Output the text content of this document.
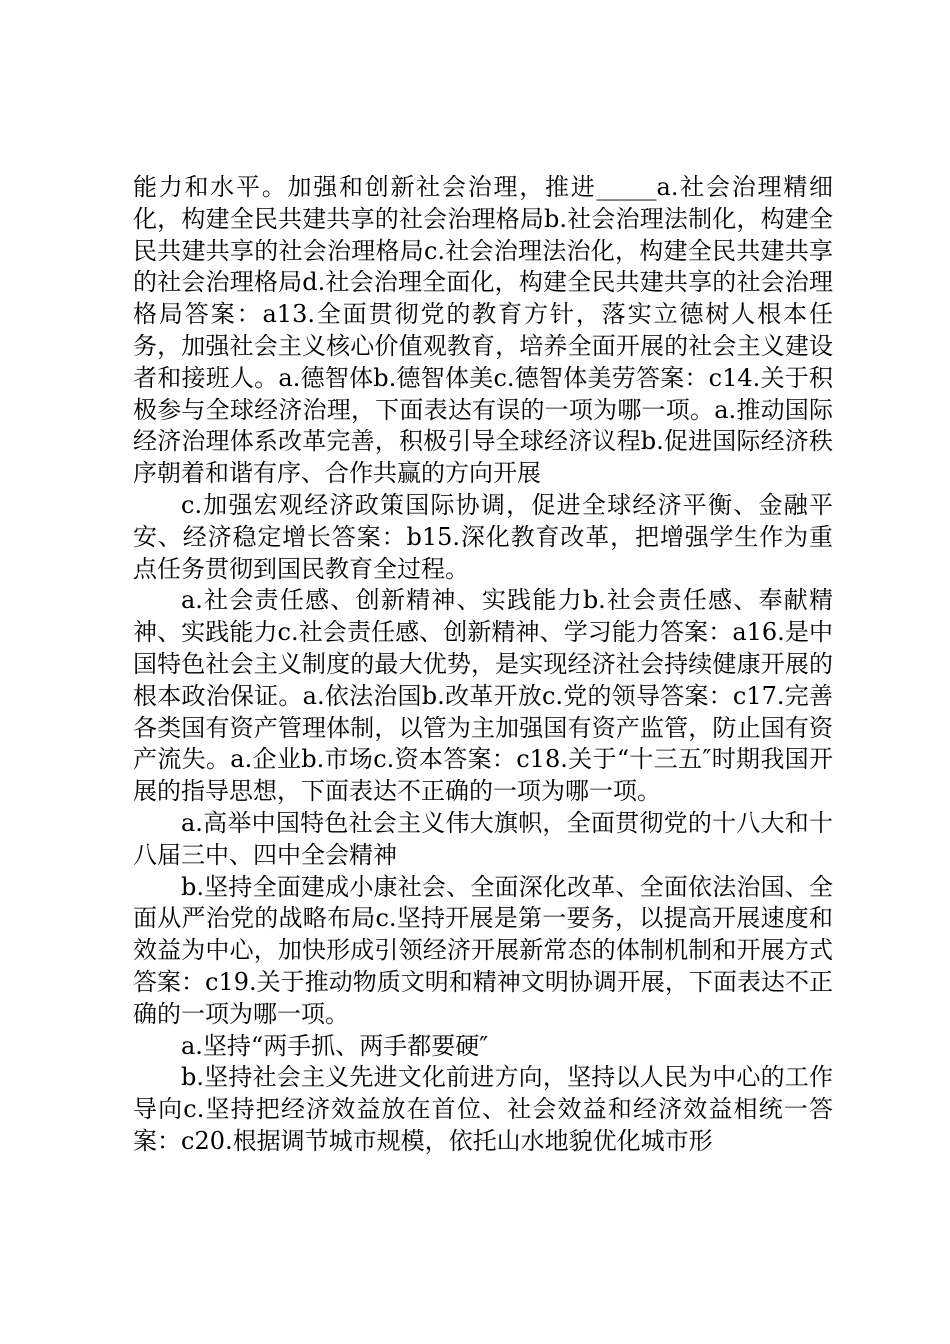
能力和水平。加强和创新社会治理，推进_____a.社会治理精细化，构建全民共建共享的社会治理格局b.社会治理法制化，构建全民共建共享的社会治理格局c.社会治理法治化，构建全民共建共享的社会治理格局d.社会治理全面化，构建全民共建共享的社会治理格局答案：a13.全面贯彻党的教育方针，落实立德树人根本任务，加强社会主义核心价值观教育，培养全面开展的社会主义建设者和接班人。a.德智体b.德智体美c.德智体美劳答案：c14.关于积极参与全球经济治理，下面表达有误的一项为哪一项。a.推动国际经济治理体系改革完善，积极引导全球经济议程b.促进国际经济秩序朝着和谐有序、合作共赢的方向开展

c.加强宏观经济政策国际协调，促进全球经济平衡、金融平安、经济稳定增长答案：b15.深化教育改革，把增强学生作为重点任务贯彻到国民教育全过程。

a.社会责任感、创新精神、实践能力b.社会责任感、奉献精神、实践能力c.社会责任感、创新精神、学习能力答案：a16.是中国特色社会主义制度的最大优势，是实现经济社会持续健康开展的根本政治保证。a.依法治国b.改革开放c.党的领导答案：c17.完善各类国有资产管理体制，以管为主加强国有资产监管，防止国有资产流失。a.企业b.市场c.资本答案：c18.关于“十三五″时期我国开展的指导思想，下面表达不正确的一项为哪一项。

a.高举中国特色社会主义伟大旗帜，全面贯彻党的十八大和十八届三中、四中全会精神

b.坚持全面建成小康社会、全面深化改革、全面依法治国、全面从严治党的战略布局c.坚持开展是第一要务，以提高开展速度和效益为中心，加快形成引领经济开展新常态的体制机制和开展方式答案：c19.关于推动物质文明和精神文明协调开展，下面表达不正确的一项为哪一项。

a.坚持“两手抓、两手都要硬″

b.坚持社会主义先进文化前进方向，坚持以人民为中心的工作导向c.坚持把经济效益放在首位、社会效益和经济效益相统一答案：c20.根据调节城市规模，依托山水地貌优化城市形
